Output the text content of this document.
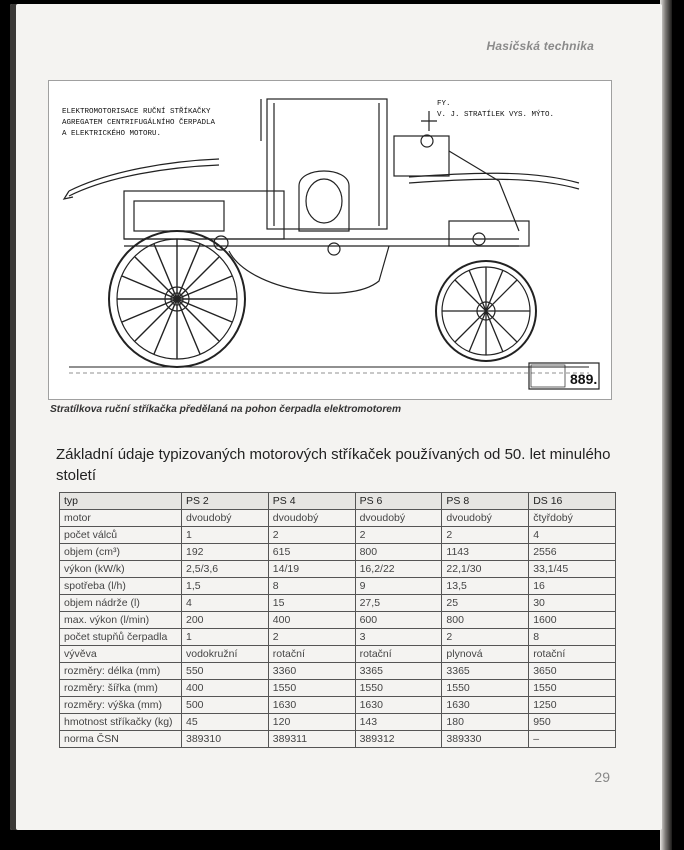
Hasičská technika
ELEKTROMOTORISACE RUČNÍ STŘÍKAČKY
AGREGATEM CENTRIFUGÁLNÍHO ČERPADLA
A ELEKTRICKÉHO MOTORU.
FY.
V. J. STRATÍLEK VYS. MÝTO.
889.
Stratílkova ruční stříkačka předělaná na pohon čerpadla elektromotorem
Základní údaje typizovaných motorových stříkaček používaných od 50. let minulého století
typ	PS 2	PS 4	PS 6	PS 8	DS 16
motor	dvoudobý	dvoudobý	dvoudobý	dvoudobý	čtyřdobý
počet válců	1	2	2	2	4
objem (cm³)	192	615	800	1143	2556
výkon (kW/k)	2,5/3,6	14/19	16,2/22	22,1/30	33,1/45
spotřeba (l/h)	1,5	8	9	13,5	16
objem nádrže (l)	4	15	27,5	25	30
max. výkon (l/min)	200	400	600	800	1600
počet stupňů čerpadla	1	2	3	2	8
vývěva	vodokružní	rotační	rotační	plynová	rotační
rozměry: délka (mm)	550	3360	3365	3365	3650
rozměry: šířka (mm)	400	1550	1550	1550	1550
rozměry: výška (mm)	500	1630	1630	1630	1250
hmotnost stříkačky (kg)	45	120	143	180	950
norma ČSN	389310	389311	389312	389330	–
29
